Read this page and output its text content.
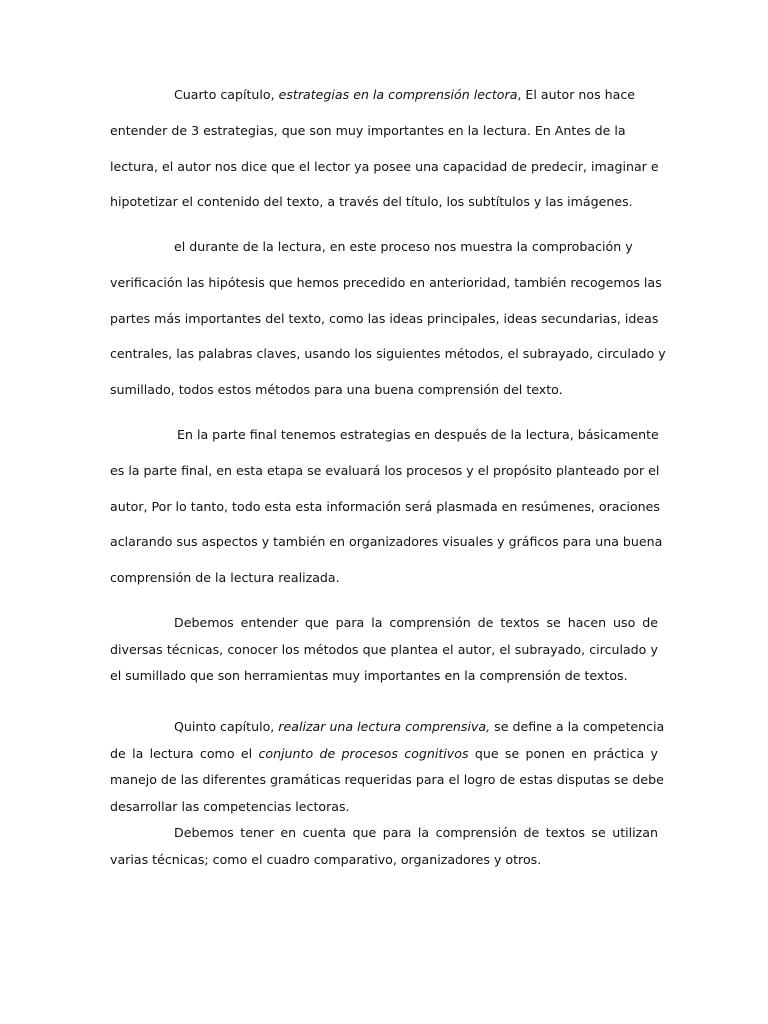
Cuarto capítulo, estrategias en la comprensión lectora, El autor nos hace
entender de 3 estrategias, que son muy importantes en la lectura. En Antes de la
lectura, el autor nos dice que el lector ya posee una capacidad de predecir, imaginar e
hipotetizar el contenido del texto, a través del título, los subtítulos y las imágenes.
el durante de la lectura, en este proceso nos muestra la comprobación y
verificación las hipótesis que hemos precedido en anterioridad, también recogemos las
partes más importantes del texto, como las ideas principales, ideas secundarias, ideas
centrales, las palabras claves, usando los siguientes métodos, el subrayado, circulado y
sumillado, todos estos métodos para una buena comprensión del texto.
En la parte final tenemos estrategias en después de la lectura, básicamente
es la parte final, en esta etapa se evaluará los procesos y el propósito planteado por el
autor, Por lo tanto, todo esta esta información será plasmada en resúmenes, oraciones
aclarando sus aspectos y también en organizadores visuales y gráficos para una buena
comprensión de la lectura realizada.
Debemos entender que para la comprensión de textos se hacen uso de
diversas técnicas, conocer los métodos que plantea el autor, el subrayado, circulado y
el sumillado que son herramientas muy importantes en la comprensión de textos.
Quinto capítulo, realizar una lectura comprensiva, se define a la competencia
de la lectura como el conjunto de procesos cognitivos que se ponen en práctica y
manejo de las diferentes gramáticas requeridas para el logro de estas disputas se debe
desarrollar las competencias lectoras.
Debemos tener en cuenta que para la comprensión de textos se utilizan
varias técnicas; como el cuadro comparativo, organizadores y otros.
